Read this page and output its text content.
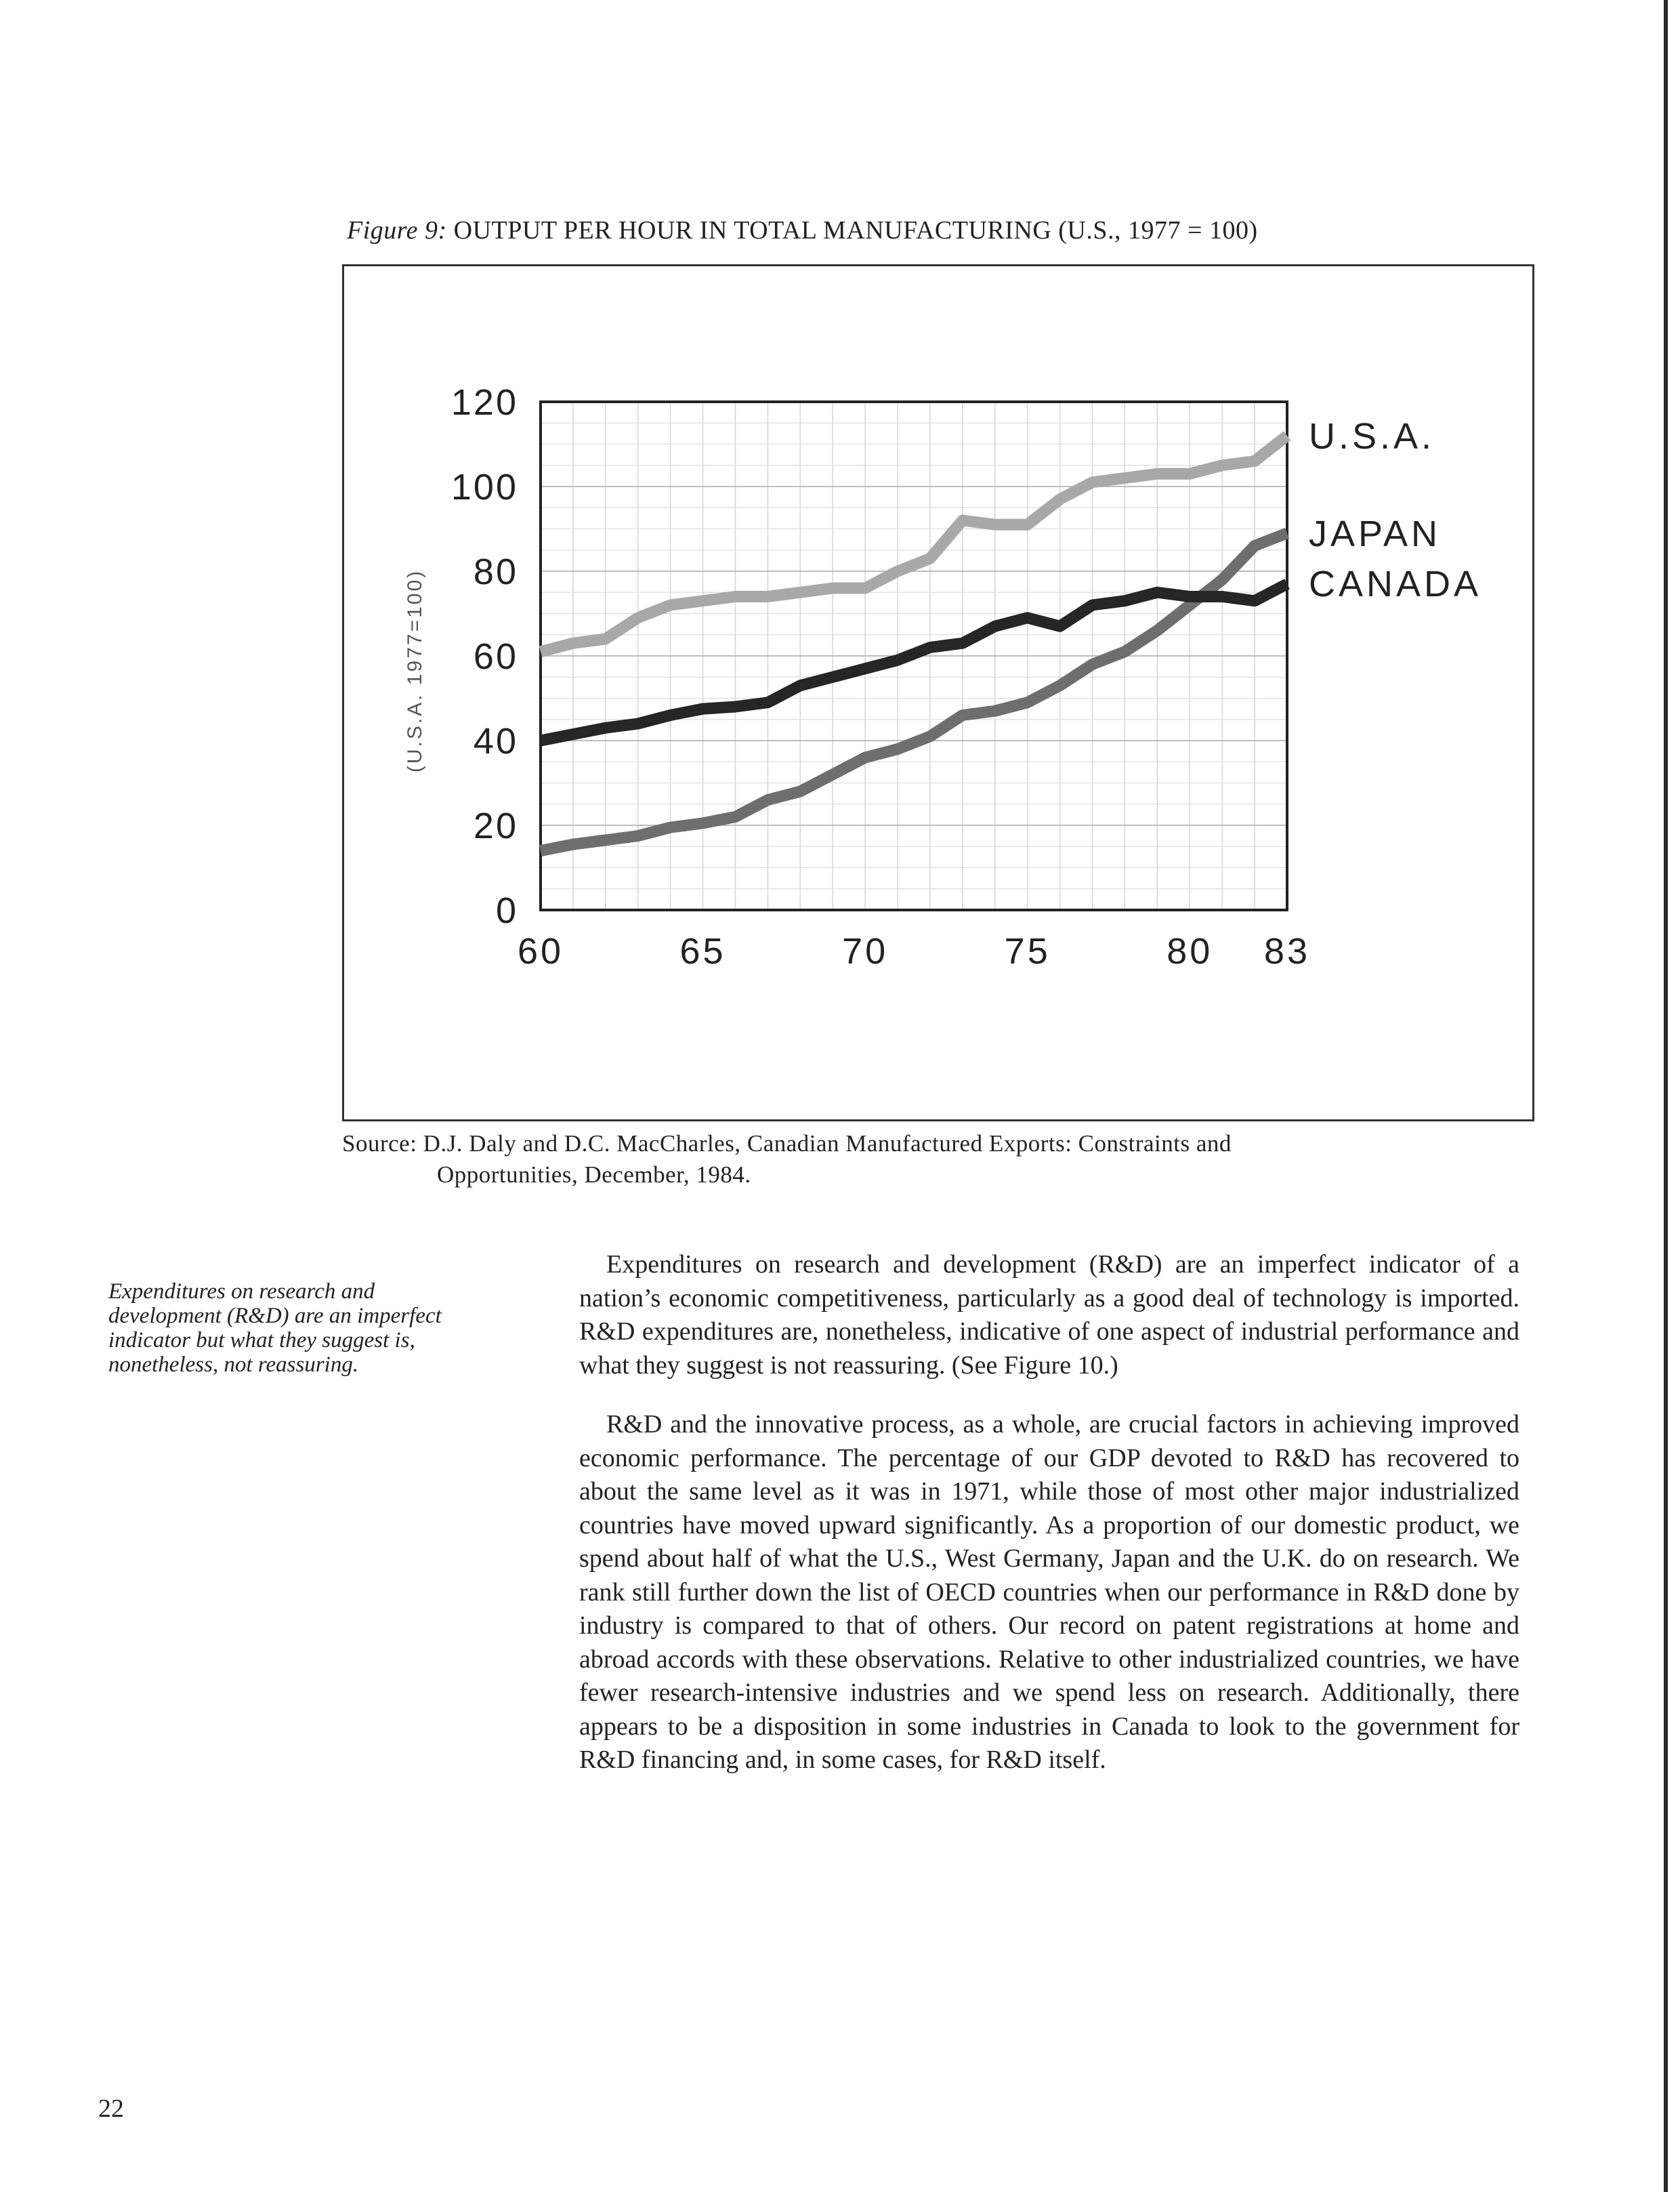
Figure 9: OUTPUT PER HOUR IN TOTAL MANUFACTURING (U.S., 1977 = 100)
0
20
40
60
80
100
120
60	65	70	75	80 83
U.S.A.
JAPAN
CANADA
(U.S.A. 1977=100)
Source: D.J. Daly and D.C. MacCharles, Canadian Manufactured Exports: Constraints and
Opportunities, December, 1984.
Expenditures on research and development (R&D) are an imperfect indicator but what they suggest is, nonetheless, not reassuring.

Expenditures on research and development (R&D) are an imperfect indicator of a nation’s economic competitiveness, particularly as a good deal of technology is imported. R&D expenditures are, nonetheless, indicative of one aspect of industrial performance and what they suggest is not reassuring. (See Figure 10.)

R&D and the innovative process, as a whole, are crucial factors in achieving improved economic performance. The percentage of our GDP devoted to R&D has recovered to about the same level as it was in 1971, while those of most other major industrialized countries have moved upward significantly. As a proportion of our domestic product, we spend about half of what the U.S., West Germany, Japan and the U.K. do on research. We rank still further down the list of OECD countries when our performance in R&D done by industry is compared to that of others. Our record on patent registrations at home and abroad accords with these observations. Relative to other industrialized countries, we have fewer research-intensive industries and we spend less on research. Additionally, there appears to be a disposition in some industries in Canada to look to the government for R&D financing and, in some cases, for R&D itself.

22
